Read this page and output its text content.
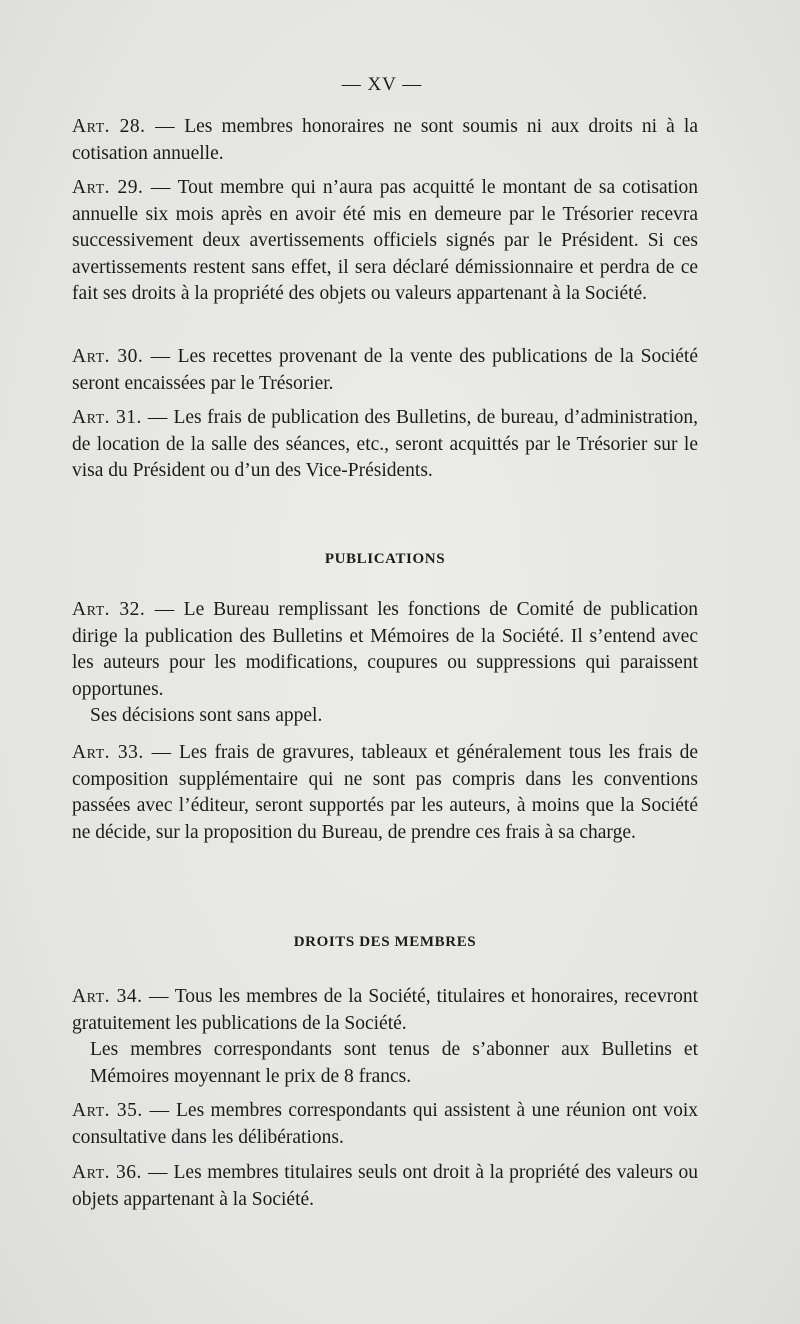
— XV —

Art. 28. — Les membres honoraires ne sont soumis ni aux droits ni à la cotisation annuelle.

Art. 29. — Tout membre qui n’aura pas acquitté le montant de sa cotisation annuelle six mois après en avoir été mis en demeure par le Trésorier recevra successivement deux avertissements officiels signés par le Président. Si ces avertissements restent sans effet, il sera déclaré démissionnaire et perdra de ce fait ses droits à la propriété des objets ou valeurs appartenant à la Société.

Art. 30. — Les recettes provenant de la vente des publications de la Société seront encaissées par le Trésorier.

Art. 31. — Les frais de publication des Bulletins, de bureau, d’administration, de location de la salle des séances, etc., seront acquittés par le Trésorier sur le visa du Président ou d’un des Vice-Présidents.

PUBLICATIONS

Art. 32. — Le Bureau remplissant les fonctions de Comité de publication dirige la publication des Bulletins et Mémoires de la Société. Il s’entend avec les auteurs pour les modifications, coupures ou suppressions qui paraissent opportunes.

Ses décisions sont sans appel.

Art. 33. — Les frais de gravures, tableaux et généralement tous les frais de composition supplémentaire qui ne sont pas compris dans les conventions passées avec l’éditeur, seront supportés par les auteurs, à moins que la Société ne décide, sur la proposition du Bureau, de prendre ces frais à sa charge.

DROITS DES MEMBRES

Art. 34. — Tous les membres de la Société, titulaires et honoraires, recevront gratuitement les publications de la Société.

Les membres correspondants sont tenus de s’abonner aux Bulletins et Mémoires moyennant le prix de 8 francs.

Art. 35. — Les membres correspondants qui assistent à une réunion ont voix consultative dans les délibérations.

Art. 36. — Les membres titulaires seuls ont droit à la propriété des valeurs ou objets appartenant à la Société.
